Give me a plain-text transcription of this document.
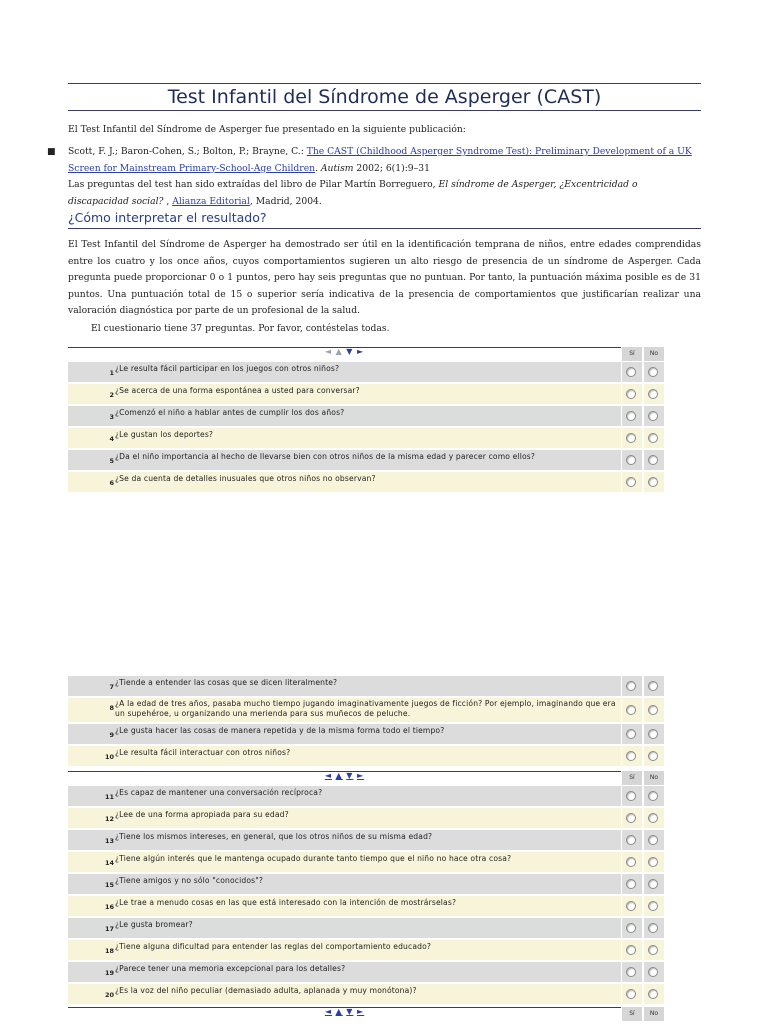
Test Infantil del Síndrome de Asperger (CAST)
El Test Infantil del Síndrome de Asperger fue presentado en la siguiente publicación:
■ Scott, F. J.; Baron-Cohen, S.; Bolton, P.; Brayne, C.: The CAST (Childhood Asperger Syndrome Test): Preliminary Development of a UK Screen for Mainstream Primary-School-Age Children. Autism 2002; 6(1):9–31
Las preguntas del test han sido extraídas del libro de Pilar Martín Borreguero, El síndrome de Asperger, ¿Excentricidad o discapacidad social? , Alianza Editorial, Madrid, 2004.
¿Cómo interpretar el resultado?
El Test Infantil del Síndrome de Asperger ha demostrado ser útil en la identificación temprana de niños, entre edades comprendidas entre los cuatro y los once años, cuyos comportamientos sugieren un alto riesgo de presencia de un síndrome de Asperger. Cada pregunta puede proporcionar 0 o 1 puntos, pero hay seis preguntas que no puntuan. Por tanto, la puntuación máxima posible es de 31 puntos. Una puntuación total de 15 o superior sería indicativa de la presencia de comportamientos que justificarían realizar una valoración diagnóstica por parte de un profesional de la salud.
El cuestionario tiene 37 preguntas. Por favor, contéstelas todas.
◄ ▲ ▼ ►	Sí	No
1 ¿Le resulta fácil participar en los juegos con otros niños?
2 ¿Se acerca de una forma espontánea a usted para conversar?
3 ¿Comenzó el niño a hablar antes de cumplir los dos años?
4 ¿Le gustan los deportes?
5 ¿Da el niño importancia al hecho de llevarse bien con otros niños de la misma edad y parecer como ellos?
6 ¿Se da cuenta de detalles inusuales que otros niños no observan?
7 ¿Tiende a entender las cosas que se dicen literalmente?
8 ¿A la edad de tres años, pasaba mucho tiempo jugando imaginativamente juegos de ficción? Por ejemplo, imaginando que era un supehéroe, u organizando una merienda para sus muñecos de peluche.
9 ¿Le gusta hacer las cosas de manera repetida y de la misma forma todo el tiempo?
10 ¿Le resulta fácil interactuar con otros niños?
◄ ▲ ▼ ►	Sí	No
11 ¿Es capaz de mantener una conversación recíproca?
12 ¿Lee de una forma apropiada para su edad?
13 ¿Tiene los mismos intereses, en general, que los otros niños de su misma edad?
14 ¿Tiene algún interés que le mantenga ocupado durante tanto tiempo que el niño no hace otra cosa?
15 ¿Tiene amigos y no sólo "conocidos"?
16 ¿Le trae a menudo cosas en las que está interesado con la intención de mostrárselas?
17 ¿Le gusta bromear?
18 ¿Tiene alguna dificultad para entender las reglas del comportamiento educado?
19 ¿Parece tener una memoria excepcional para los detalles?
20 ¿Es la voz del niño peculiar (demasiado adulta, aplanada y muy monótona)?
◄ ▲ ▼ ►	Sí	No
